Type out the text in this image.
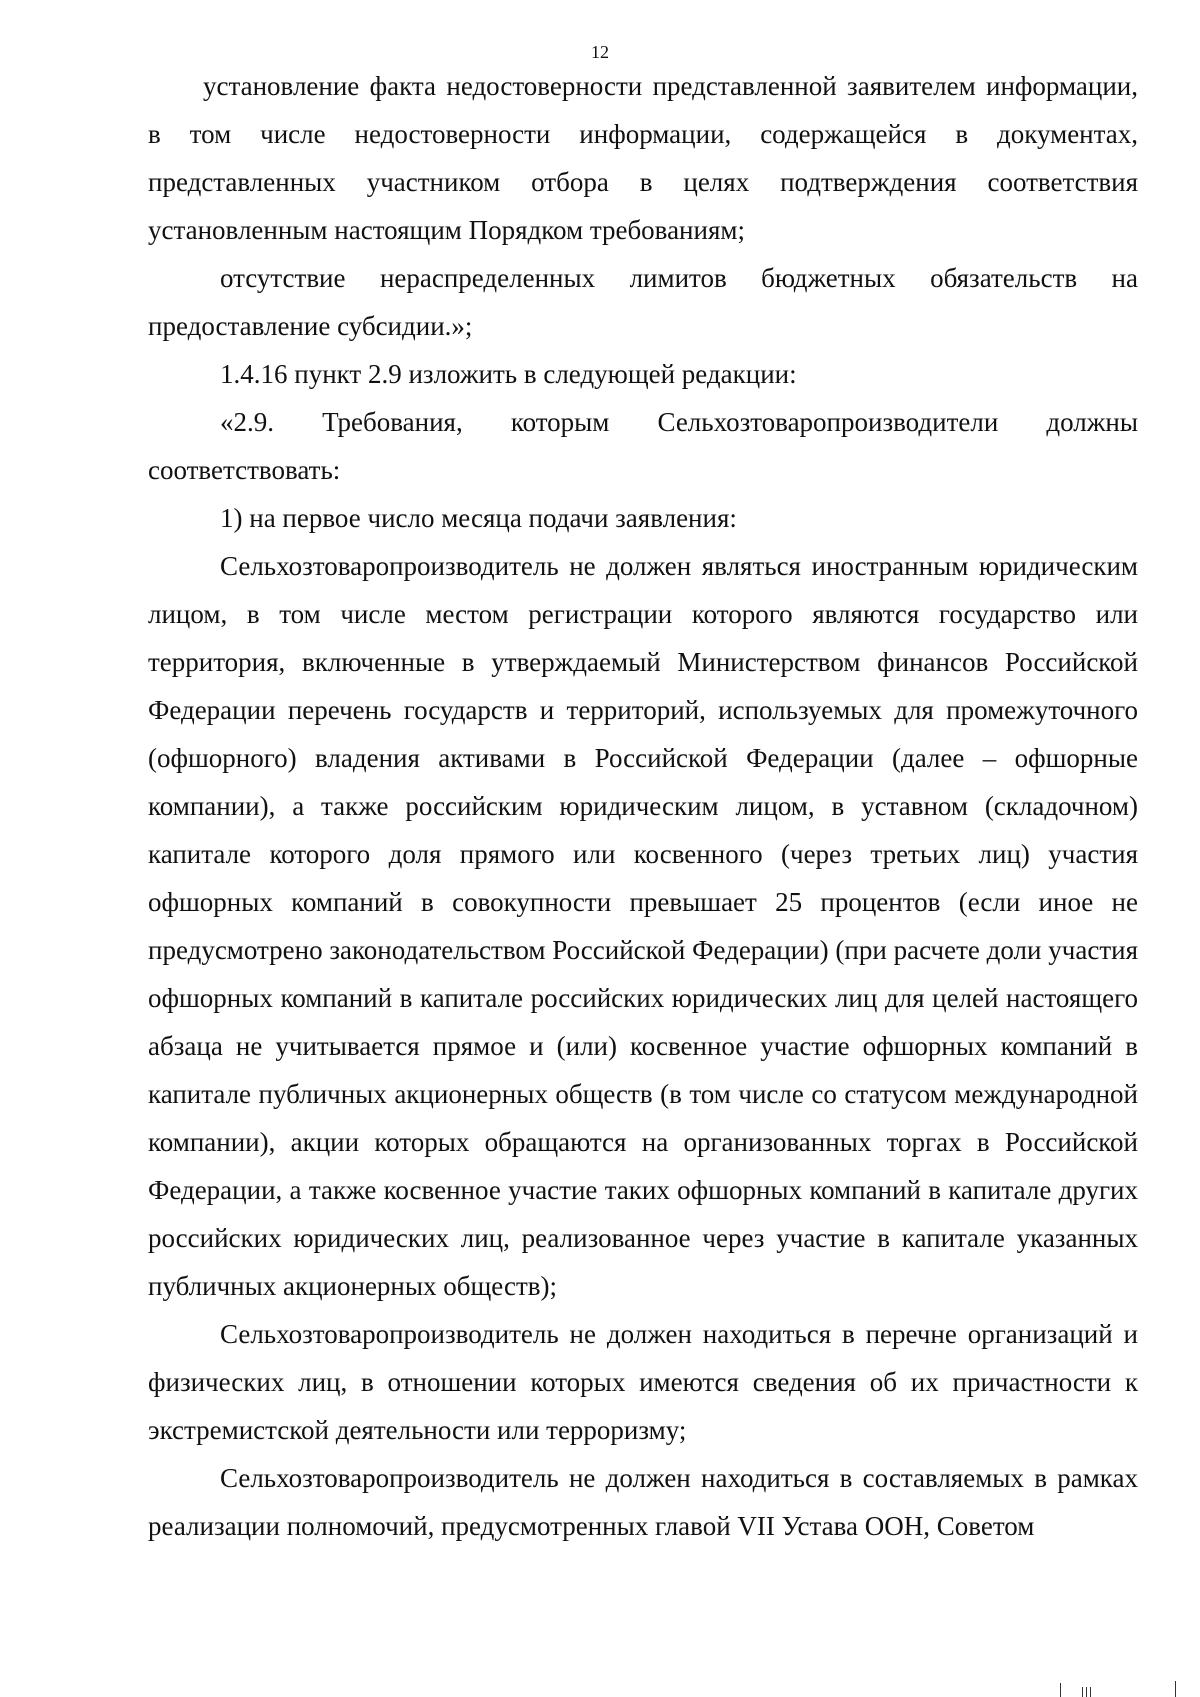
12

установление факта недостоверности представленной заявителем информации, в том числе недостоверности информации, содержащейся в документах, представленных участником отбора в целях подтверждения соответствия установленным настоящим Порядком требованиям;

отсутствие нераспределенных лимитов бюджетных обязательств на предоставление субсидии.»;

1.4.16 пункт 2.9 изложить в следующей редакции:

«2.9. Требования, которым Сельхозтоваропроизводители должны соответствовать:

1) на первое число месяца подачи заявления:

Сельхозтоваропроизводитель не должен являться иностранным юридическим лицом, в том числе местом регистрации которого являются государство или территория, включенные в утверждаемый Министерством финансов Российской Федерации перечень государств и территорий, используемых для промежуточного (офшорного) владения активами в Российской Федерации (далее – офшорные компании), а также российским юридическим лицом, в уставном (складочном) капитале которого доля прямого или косвенного (через третьих лиц) участия офшорных компаний в совокупности превышает 25 процентов (если иное не предусмотрено законодательством Российской Федерации) (при расчете доли участия офшорных компаний в капитале российских юридических лиц для целей настоящего абзаца не учитывается прямое и (или) косвенное участие офшорных компаний в капитале публичных акционерных обществ (в том числе со статусом международной компании), акции которых обращаются на организованных торгах в Российской Федерации, а также косвенное участие таких офшорных компаний в капитале других российских юридических лиц, реализованное через участие в капитале указанных публичных акционерных обществ);

Сельхозтоваропроизводитель не должен находиться в перечне организаций и физических лиц, в отношении которых имеются сведения об их причастности к экстремистской деятельности или терроризму;

Сельхозтоваропроизводитель не должен находиться в составляемых в рамках реализации полномочий, предусмотренных главой VII Устава ООН, Советом
